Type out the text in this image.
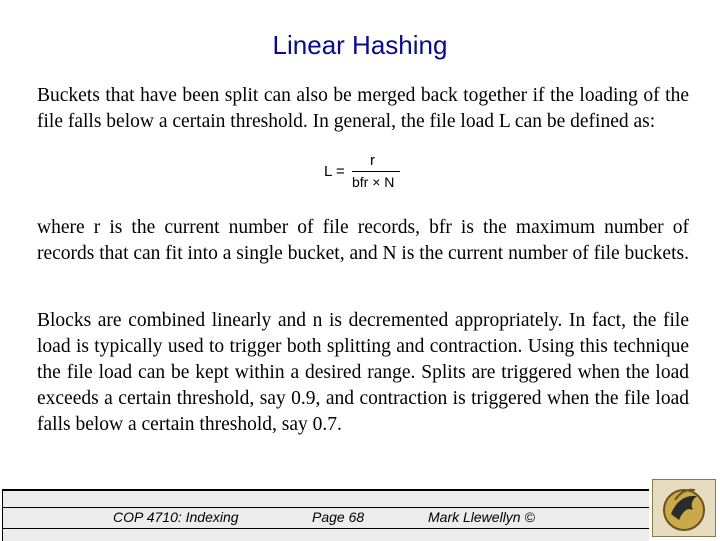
Linear Hashing
Buckets that have been split can also be merged back together if the loading of the file falls below a certain threshold. In general, the file load L can be defined as:
L =
r
bfr × N
where r is the current number of file records, bfr is the maximum number of records that can fit into a single bucket, and N is the current number of file buckets.
Blocks are combined linearly and n is decremented appropriately. In fact, the file load is typically used to trigger both splitting and contraction. Using this technique the file load can be kept within a desired range. Splits are triggered when the load exceeds a certain threshold, say 0.9, and contraction is triggered when the file load falls below a certain threshold, say 0.7.
COP 4710: Indexing	Page 68	Mark Llewellyn ©
